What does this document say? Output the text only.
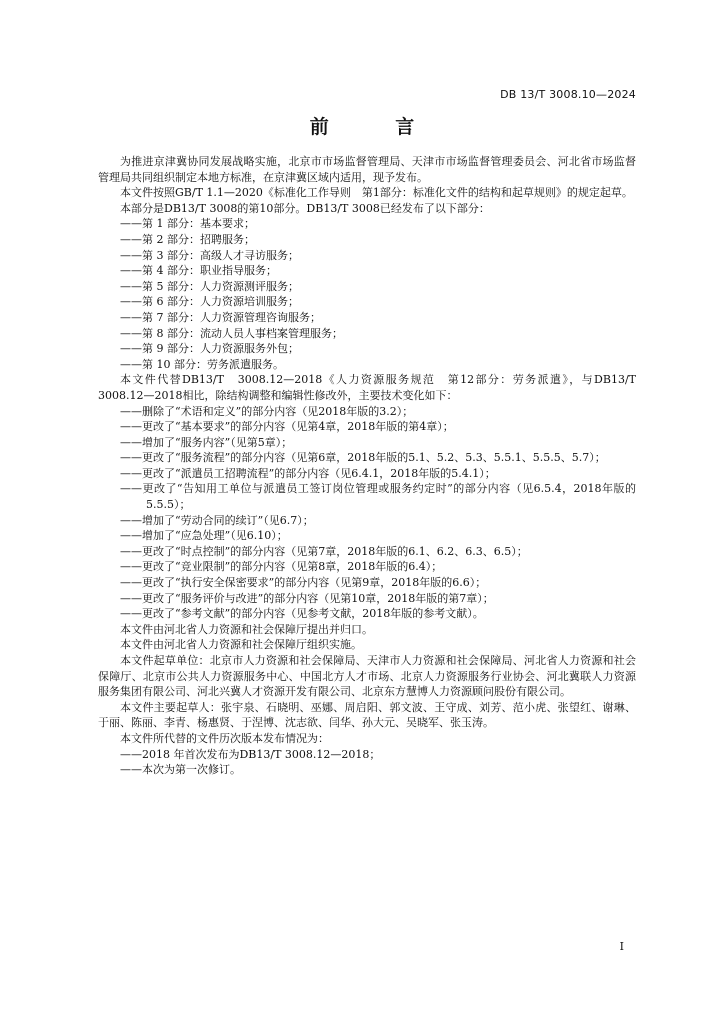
DB 13/T 3008.10—2024
前 言

为推进京津冀协同发展战略实施，北京市市场监督管理局、天津市市场监督管理委员会、河北省市场监督管理局共同组织制定本地方标准，在京津冀区域内适用，现予发布。

本文件按照GB/T 1.1—2020《标准化工作导则　第1部分：标准化文件的结构和起草规则》的规定起草。

本部分是DB13/T 3008的第10部分。DB13/T 3008已经发布了以下部分：

——第 1 部分：基本要求；

——第 2 部分：招聘服务；

——第 3 部分：高级人才寻访服务；

——第 4 部分：职业指导服务；

——第 5 部分：人力资源测评服务；

——第 6 部分：人力资源培训服务；

——第 7 部分：人力资源管理咨询服务；

——第 8 部分：流动人员人事档案管理服务；

——第 9 部分：人力资源服务外包；

——第 10 部分：劳务派遣服务。

本文件代替DB13/T　3008.12—2018《人力资源服务规范　第12部分：劳务派遣》，与DB13/T 3008.12—2018相比，除结构调整和编辑性修改外，主要技术变化如下：

——删除了“术语和定义”的部分内容（见2018年版的3.2）；

——更改了“基本要求”的部分内容（见第4章，2018年版的第4章）；

——增加了“服务内容”（见第5章）；

——更改了“服务流程”的部分内容（见第6章，2018年版的5.1、5.2、5.3、5.5.1、5.5.5、5.7）；

——更改了“派遣员工招聘流程”的部分内容（见6.4.1，2018年版的5.4.1）；

——更改了“告知用工单位与派遣员工签订岗位管理或服务约定时”的部分内容（见6.5.4，2018年版的5.5.5）；

——增加了“劳动合同的续订”（见6.7）；

——增加了“应急处理”（见6.10）；

——更改了“时点控制”的部分内容（见第7章，2018年版的6.1、6.2、6.3、6.5）；

——更改了“竞业限制”的部分内容（见第8章，2018年版的6.4）；

——更改了“执行安全保密要求”的部分内容（见第9章，2018年版的6.6）；

——更改了“服务评价与改进”的部分内容（见第10章，2018年版的第7章）；

——更改了“参考文献”的部分内容（见参考文献，2018年版的参考文献）。

本文件由河北省人力资源和社会保障厅提出并归口。

本文件由河北省人力资源和社会保障厅组织实施。

本文件起草单位：北京市人力资源和社会保障局、天津市人力资源和社会保障局、河北省人力资源和社会保障厅、北京市公共人力资源服务中心、中国北方人才市场、北京人力资源服务行业协会、河北冀联人力资源服务集团有限公司、河北兴冀人才资源开发有限公司、北京东方慧博人力资源顾问股份有限公司。

本文件主要起草人：张宇泉、石晓明、巫娜、周启阳、郭文波、王守成、刘芳、范小虎、张望红、谢琳、于丽、陈丽、李青、杨惠贤、于涅博、沈志欲、闫华、孙大元、吴晓军、张玉涛。

本文件所代替的文件历次版本发布情况为：

——2018 年首次发布为DB13/T 3008.12—2018；

——本次为第一次修订。

I
